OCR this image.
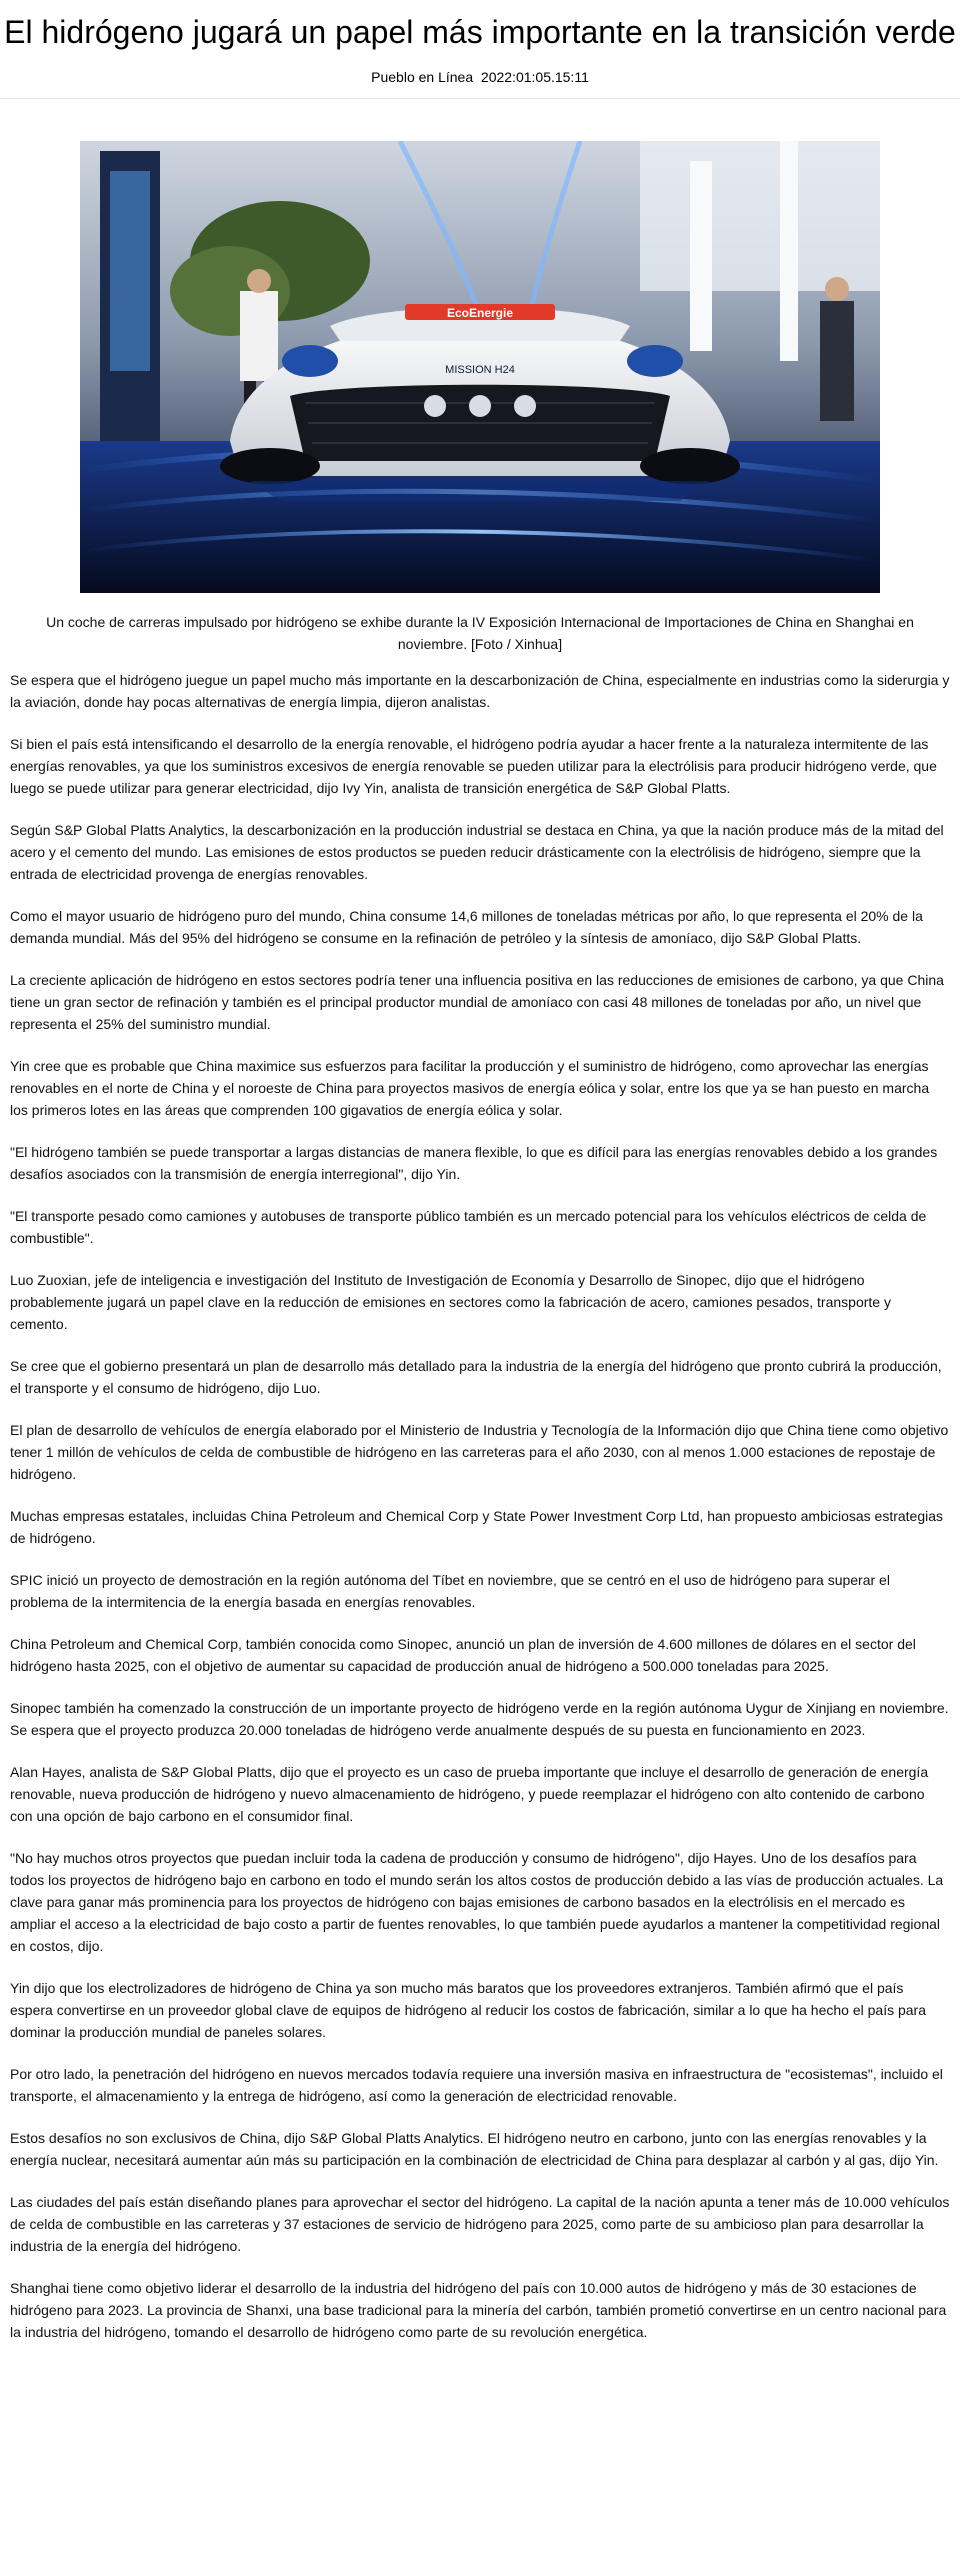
El hidrógeno jugará un papel más importante en la transición verde
Pueblo en Línea 2022:01:05.15:11
EcoEnergie
MISSION H24
Un coche de carreras impulsado por hidrógeno se exhibe durante la IV Exposición Internacional de Importaciones de China en Shanghai en noviembre. [Foto / Xinhua]

Se espera que el hidrógeno juegue un papel mucho más importante en la descarbonización de China, especialmente en industrias como la siderurgia y la aviación, donde hay pocas alternativas de energía limpia, dijeron analistas.

Si bien el país está intensificando el desarrollo de la energía renovable, el hidrógeno podría ayudar a hacer frente a la naturaleza intermitente de las energías renovables, ya que los suministros excesivos de energía renovable se pueden utilizar para la electrólisis para producir hidrógeno verde, que luego se puede utilizar para generar electricidad, dijo Ivy Yin, analista de transición energética de S&P Global Platts.

Según S&P Global Platts Analytics, la descarbonización en la producción industrial se destaca en China, ya que la nación produce más de la mitad del acero y el cemento del mundo. Las emisiones de estos productos se pueden reducir drásticamente con la electrólisis de hidrógeno, siempre que la entrada de electricidad provenga de energías renovables.

Como el mayor usuario de hidrógeno puro del mundo, China consume 14,6 millones de toneladas métricas por año, lo que representa el 20% de la demanda mundial. Más del 95% del hidrógeno se consume en la refinación de petróleo y la síntesis de amoníaco, dijo S&P Global Platts.

La creciente aplicación de hidrógeno en estos sectores podría tener una influencia positiva en las reducciones de emisiones de carbono, ya que China tiene un gran sector de refinación y también es el principal productor mundial de amoníaco con casi 48 millones de toneladas por año, un nivel que representa el 25% del suministro mundial.

Yin cree que es probable que China maximice sus esfuerzos para facilitar la producción y el suministro de hidrógeno, como aprovechar las energías renovables en el norte de China y el noroeste de China para proyectos masivos de energía eólica y solar, entre los que ya se han puesto en marcha los primeros lotes en las áreas que comprenden 100 gigavatios de energía eólica y solar.

"El hidrógeno también se puede transportar a largas distancias de manera flexible, lo que es difícil para las energías renovables debido a los grandes desafíos asociados con la transmisión de energía interregional", dijo Yin.

"El transporte pesado como camiones y autobuses de transporte público también es un mercado potencial para los vehículos eléctricos de celda de combustible".

Luo Zuoxian, jefe de inteligencia e investigación del Instituto de Investigación de Economía y Desarrollo de Sinopec, dijo que el hidrógeno probablemente jugará un papel clave en la reducción de emisiones en sectores como la fabricación de acero, camiones pesados, transporte y cemento.

Se cree que el gobierno presentará un plan de desarrollo más detallado para la industria de la energía del hidrógeno que pronto cubrirá la producción, el transporte y el consumo de hidrógeno, dijo Luo.

El plan de desarrollo de vehículos de energía elaborado por el Ministerio de Industria y Tecnología de la Información dijo que China tiene como objetivo tener 1 millón de vehículos de celda de combustible de hidrógeno en las carreteras para el año 2030, con al menos 1.000 estaciones de repostaje de hidrógeno.

Muchas empresas estatales, incluidas China Petroleum and Chemical Corp y State Power Investment Corp Ltd, han propuesto ambiciosas estrategias de hidrógeno.

SPIC inició un proyecto de demostración en la región autónoma del Tíbet en noviembre, que se centró en el uso de hidrógeno para superar el problema de la intermitencia de la energía basada en energías renovables.

China Petroleum and Chemical Corp, también conocida como Sinopec, anunció un plan de inversión de 4.600 millones de dólares en el sector del hidrógeno hasta 2025, con el objetivo de aumentar su capacidad de producción anual de hidrógeno a 500.000 toneladas para 2025.

Sinopec también ha comenzado la construcción de un importante proyecto de hidrógeno verde en la región autónoma Uygur de Xinjiang en noviembre. Se espera que el proyecto produzca 20.000 toneladas de hidrógeno verde anualmente después de su puesta en funcionamiento en 2023.

Alan Hayes, analista de S&P Global Platts, dijo que el proyecto es un caso de prueba importante que incluye el desarrollo de generación de energía renovable, nueva producción de hidrógeno y nuevo almacenamiento de hidrógeno, y puede reemplazar el hidrógeno con alto contenido de carbono con una opción de bajo carbono en el consumidor final.

"No hay muchos otros proyectos que puedan incluir toda la cadena de producción y consumo de hidrógeno", dijo Hayes. Uno de los desafíos para todos los proyectos de hidrógeno bajo en carbono en todo el mundo serán los altos costos de producción debido a las vías de producción actuales. La clave para ganar más prominencia para los proyectos de hidrógeno con bajas emisiones de carbono basados en la electrólisis en el mercado es ampliar el acceso a la electricidad de bajo costo a partir de fuentes renovables, lo que también puede ayudarlos a mantener la competitividad regional en costos, dijo.

Yin dijo que los electrolizadores de hidrógeno de China ya son mucho más baratos que los proveedores extranjeros. También afirmó que el país espera convertirse en un proveedor global clave de equipos de hidrógeno al reducir los costos de fabricación, similar a lo que ha hecho el país para dominar la producción mundial de paneles solares.

Por otro lado, la penetración del hidrógeno en nuevos mercados todavía requiere una inversión masiva en infraestructura de "ecosistemas", incluido el transporte, el almacenamiento y la entrega de hidrógeno, así como la generación de electricidad renovable.

Estos desafíos no son exclusivos de China, dijo S&P Global Platts Analytics. El hidrógeno neutro en carbono, junto con las energías renovables y la energía nuclear, necesitará aumentar aún más su participación en la combinación de electricidad de China para desplazar al carbón y al gas, dijo Yin.

Las ciudades del país están diseñando planes para aprovechar el sector del hidrógeno. La capital de la nación apunta a tener más de 10.000 vehículos de celda de combustible en las carreteras y 37 estaciones de servicio de hidrógeno para 2025, como parte de su ambicioso plan para desarrollar la industria de la energía del hidrógeno.

Shanghai tiene como objetivo liderar el desarrollo de la industria del hidrógeno del país con 10.000 autos de hidrógeno y más de 30 estaciones de hidrógeno para 2023. La provincia de Shanxi, una base tradicional para la minería del carbón, también prometió convertirse en un centro nacional para la industria del hidrógeno, tomando el desarrollo de hidrógeno como parte de su revolución energética.
